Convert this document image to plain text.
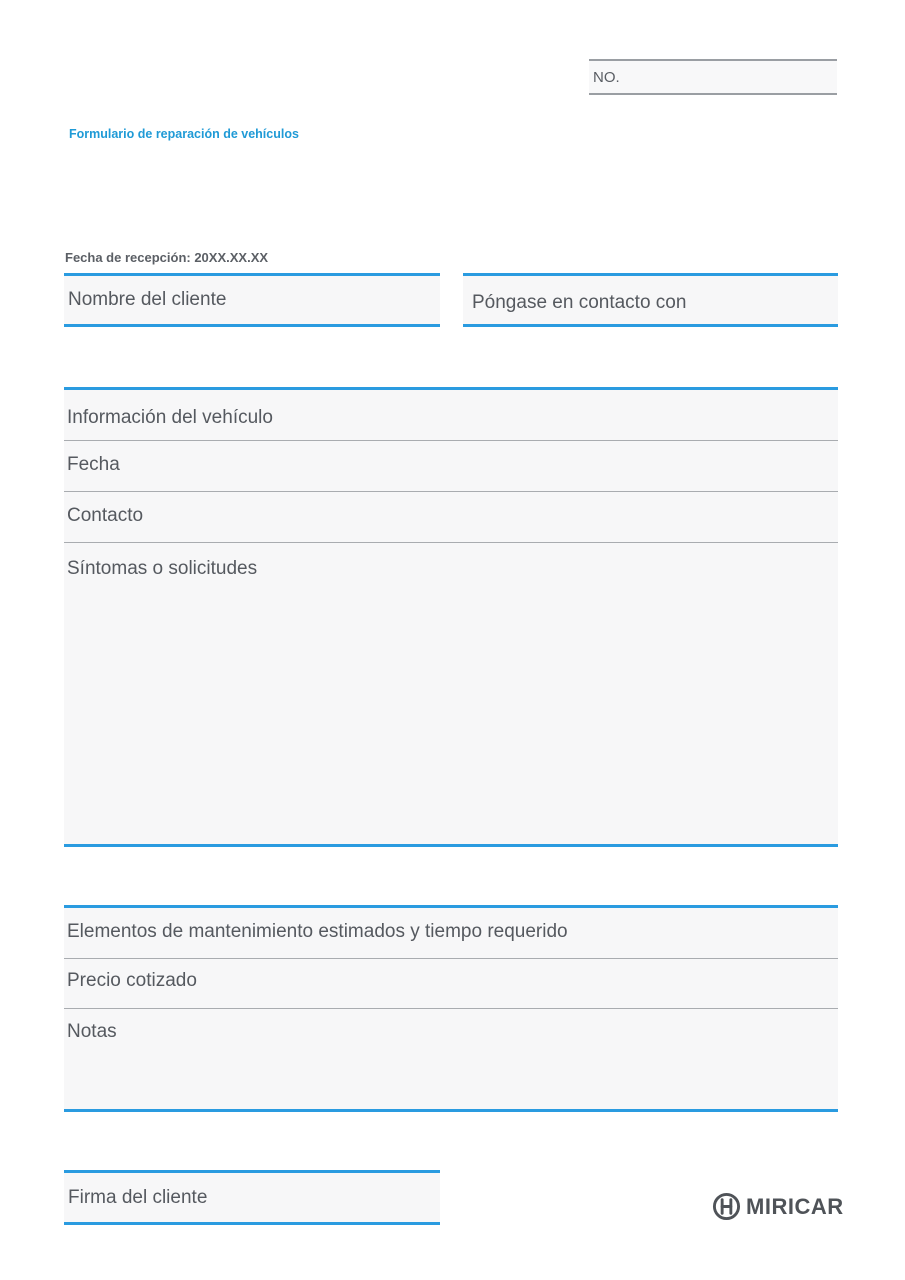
NO.
Formulario de reparación de vehículos
Fecha de recepción: 20XX.XX.XX
Nombre del cliente	Póngase en contacto con
Información del vehículo
Fecha
Contacto
Síntomas o solicitudes
Elementos de mantenimiento estimados y tiempo requerido
Precio cotizado
Notas
Firma del cliente	MIRICAR
